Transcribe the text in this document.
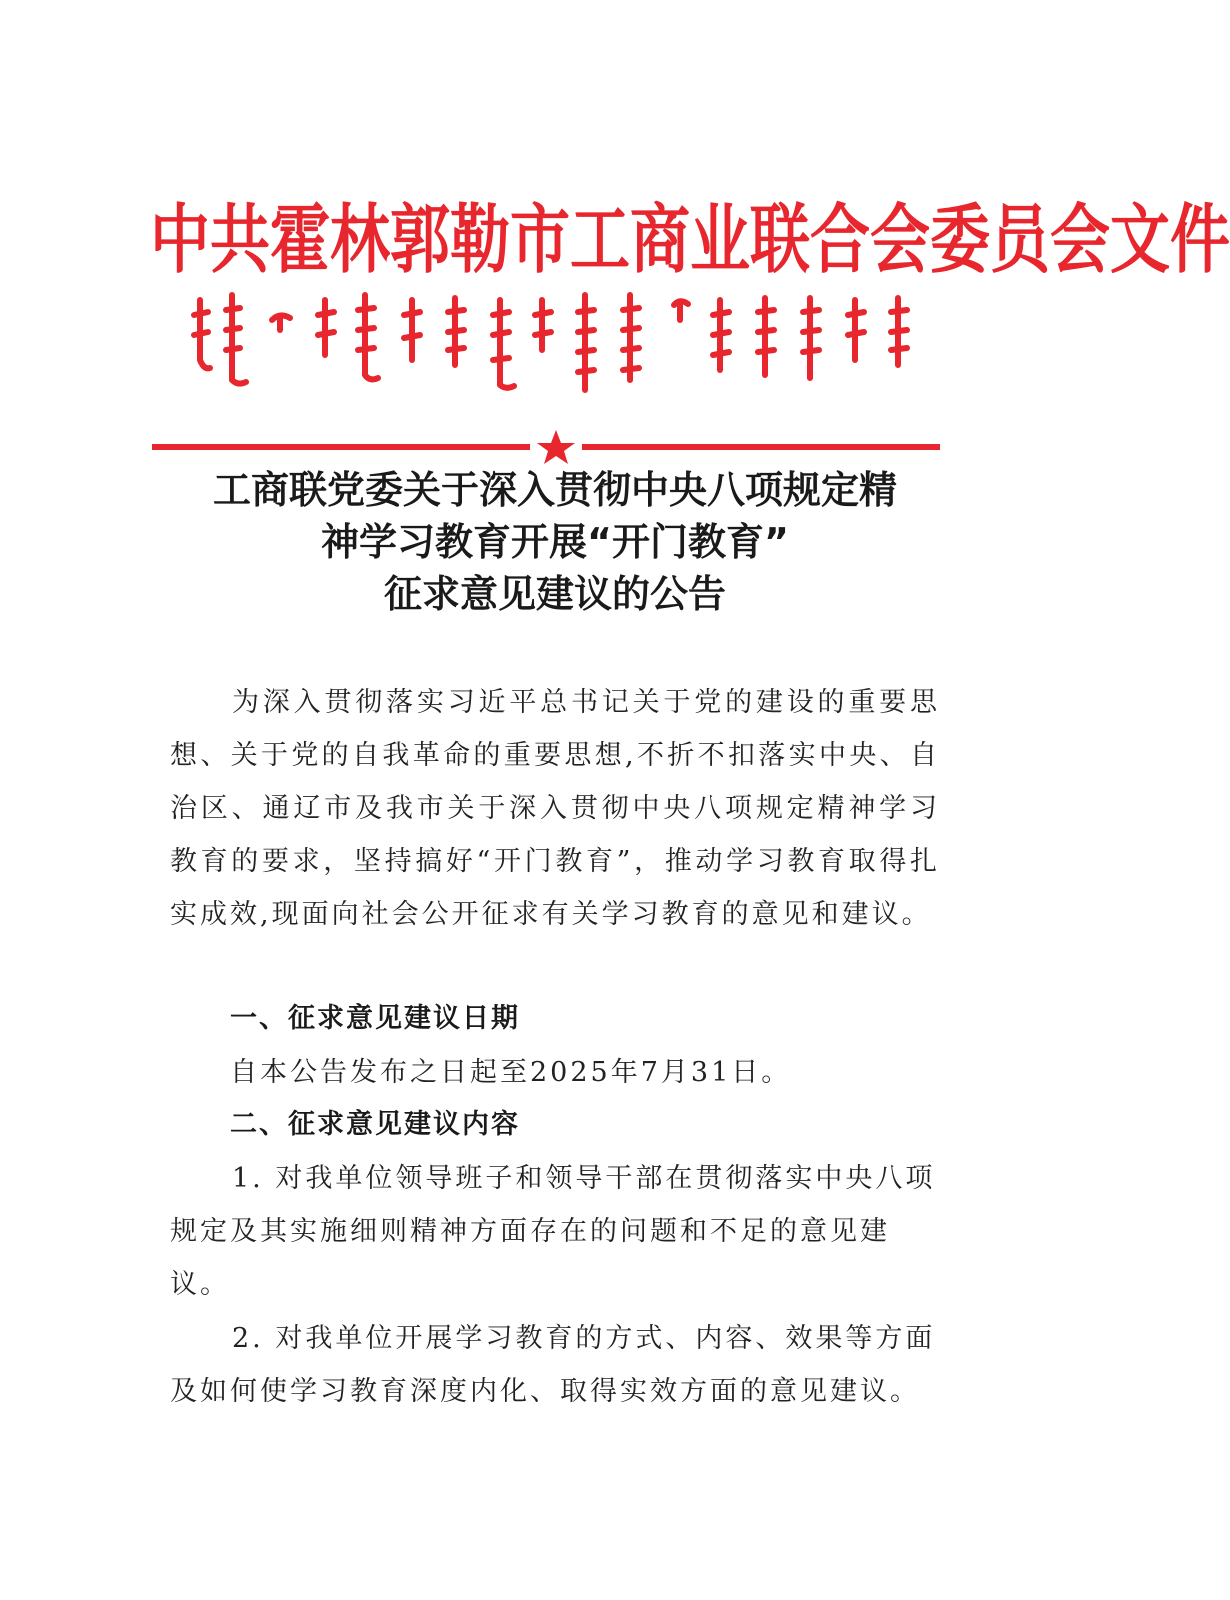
中共霍林郭勒市工商业联合会委员会文件
工商联党委关于深入贯彻中央八项规定精
神学习教育开展“开门教育”
征求意见建议的公告
为深入贯彻落实习近平总书记关于党的建设的重要思想、关于党的自我革命的重要思想,不折不扣落实中央、自治区、通辽市及我市关于深入贯彻中央八项规定精神学习教育的要求，坚持搞好“开门教育”，推动学习教育取得扎实成效,现面向社会公开征求有关学习教育的意见和建议。
一、征求意见建议日期
自本公告发布之日起至2025年7月31日。
二、征求意见建议内容
1. 对我单位领导班子和领导干部在贯彻落实中央八项规定及其实施细则精神方面存在的问题和不足的意见建议。
2. 对我单位开展学习教育的方式、内容、效果等方面及如何使学习教育深度内化、取得实效方面的意见建议。
